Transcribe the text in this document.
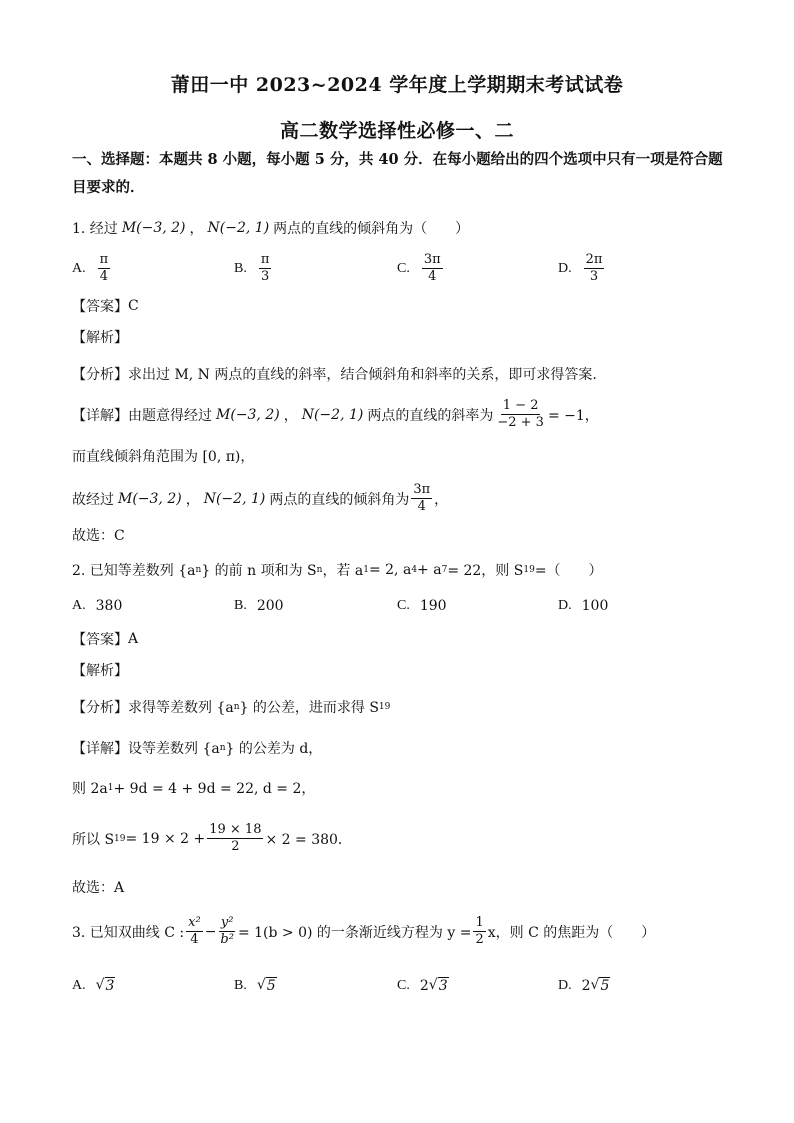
莆田一中 2023~2024 学年度上学期期末考试试卷
高二数学选择性必修一、二
一、选择题：本题共 8 小题，每小题 5 分，共 40 分．在每小题给出的四个选项中只有一项是符合题目要求的．
1. 经过 M(−3, 2) ， N(−2, 1) 两点的直线的倾斜角为（　　）
A. $\frac{\pi}{4}$	B. $\frac{\pi}{3}$	C. $\frac{3\pi}{4}$	D. $\frac{2\pi}{3}$
【答案】 C
【解析】
【分析】 求出过 M, N 两点的直线的斜率，结合倾斜角和斜率的关系，即可求得答案.
【详解】 由题意得经过 M(−3, 2) ， N(−2, 1) 两点的直线的斜率为 $\frac{1 - 2}{-2 + 3} = -1$，
而直线倾斜角范围为 [0, π)，
故经过 M(−3, 2) ， N(−2, 1) 两点的直线的倾斜角为 $\frac{3\pi}{4}$ ，
故选：C
2. 已知等差数列 {a n } 的前 n 项和为 S n ，若 a 1 = 2, a 4 + a 7 = 22，则 S 19 =（　　）
A. 380	B. 200	C. 190	D. 100
【答案】 A
【解析】
【分析】 求得等差数列 {a n } 的公差，进而求得 S 19
【详解】 设等差数列 {a n } 的公差为 d，
则 2a 1 + 9d = 4 + 9d = 22, d = 2，
所以 S $19 = 19 \times 2 + \frac{19 \times 18}{2} \times 2 = 380$．
故选：A
3. 已知双曲线 C : $\frac{\text{x²}}{4} - \frac{\text{y²}}{\text{b²}} = 1(b > 0)$ 的一条渐近线方程为 $y = \frac{1}{2}$ x，则 C 的焦距为（　　）
A. √ 3	B. √ 5	C. 2 √ 3	D. 2 √ 5
